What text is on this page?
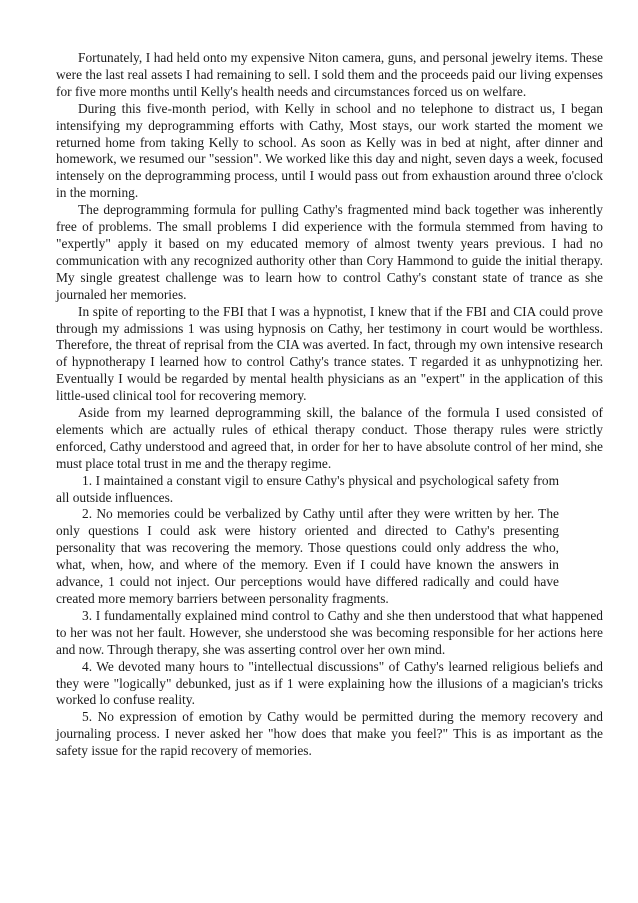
Fortunately, I had held onto my expensive Niton camera, guns, and personal jewelry items. These were the last real assets I had remaining to sell. I sold them and the proceeds paid our living expenses for five more months until Kelly's health needs and circumstances forced us on welfare.

During this five-month period, with Kelly in school and no telephone to distract us, I began intensifying my deprogramming efforts with Cathy, Most stays, our work started the moment we returned home from taking Kelly to school. As soon as Kelly was in bed at night, after dinner and homework, we resumed our "session". We worked like this day and night, seven days a week, focused intensely on the deprogramming process, until I would pass out from exhaustion around three o'clock in the morning.

The deprogramming formula for pulling Cathy's fragmented mind back together was inherently free of problems. The small problems I did experience with the formula stemmed from having to "expertly" apply it based on my educated memory of almost twenty years previous. I had no communication with any recognized authority other than Cory Hammond to guide the initial therapy. My single greatest challenge was to learn how to control Cathy's constant state of trance as she journaled her memories.

In spite of reporting to the FBI that I was a hypnotist, I knew that if the FBI and CIA could prove through my admissions 1 was using hypnosis on Cathy, her testimony in court would be worthless. Therefore, the threat of reprisal from the CIA was averted. In fact, through my own intensive research of hypnotherapy I learned how to control Cathy's trance states. T regarded it as unhypnotizing her. Eventually I would be regarded by mental health physicians as an "expert" in the application of this little-used clinical tool for recovering memory.

Aside from my learned deprogramming skill, the balance of the formula I used consisted of elements which are actually rules of ethical therapy conduct. Those therapy rules were strictly enforced, Cathy understood and agreed that, in order for her to have absolute control of her mind, she must place total trust in me and the therapy regime.

1. I maintained a constant vigil to ensure Cathy's physical and psychological safety from all outside influences.

2. No memories could be verbalized by Cathy until after they were written by her. The only questions I could ask were history oriented and directed to Cathy's presenting personality that was recovering the memory. Those questions could only address the who, what, when, how, and where of the memory. Even if I could have known the answers in advance, 1 could not inject. Our perceptions would have differed radically and could have created more memory barriers between personality fragments.

3. I fundamentally explained mind control to Cathy and she then understood that what happened to her was not her fault. However, she understood she was becoming responsible for her actions here and now. Through therapy, she was asserting control over her own mind.

4. We devoted many hours to "intellectual discussions" of Cathy's learned religious beliefs and they were "logically" debunked, just as if 1 were explaining how the illusions of a magician's tricks worked lo confuse reality.

5. No expression of emotion by Cathy would be permitted during the memory recovery and journaling process. I never asked her "how does that make you feel?" This is as important as the safety issue for the rapid recovery of memories.
